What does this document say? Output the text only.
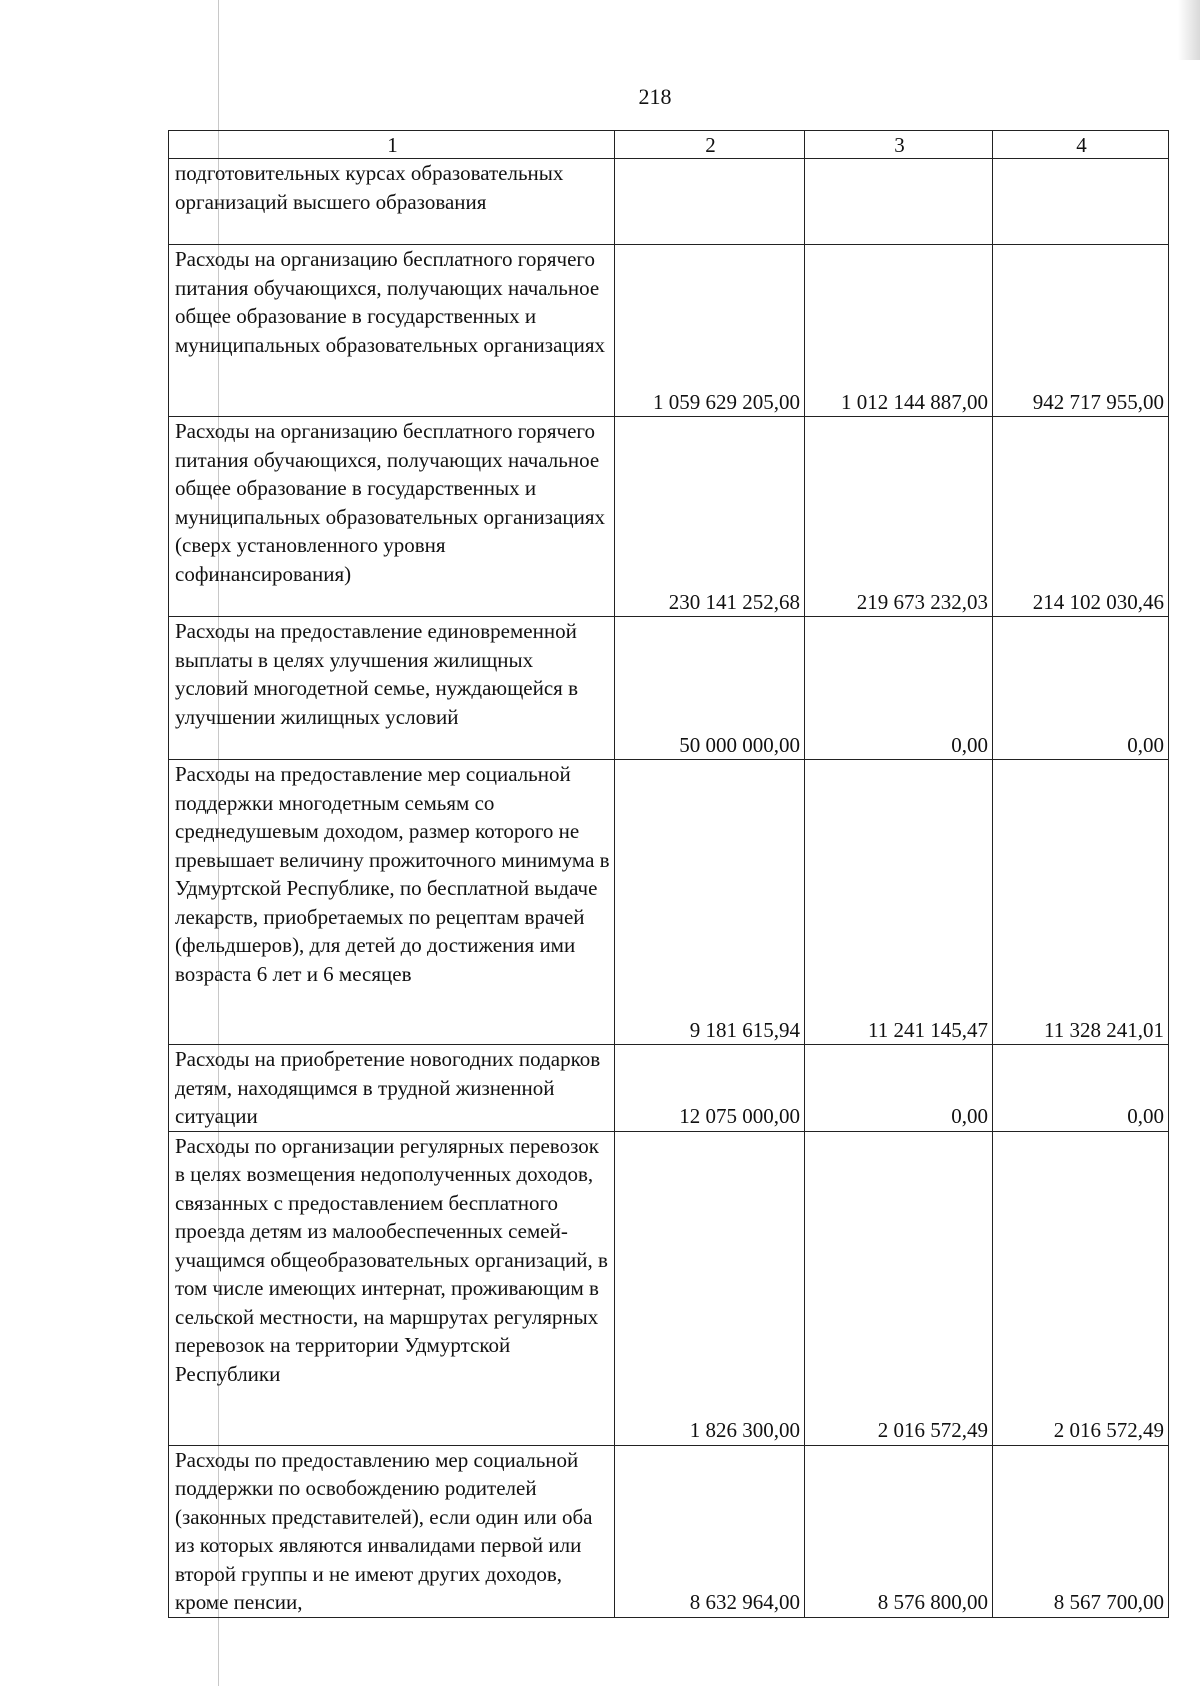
218
1	2	3	4
подготовительных курсах образовательных организаций высшего образования			
Расходы на организацию бесплатного горячего питания обучающихся, получающих начальное общее образование в государственных и муниципальных образовательных организациях	1 059 629 205,00	1 012 144 887,00	942 717 955,00
Расходы на организацию бесплатного горячего питания обучающихся, получающих начальное общее образование в государственных и муниципальных образовательных организациях (сверх установленного уровня софинансирования)	230 141 252,68	219 673 232,03	214 102 030,46
Расходы на предоставление единовременной выплаты в целях улучшения жилищных условий многодетной семье, нуждающейся в улучшении жилищных условий	50 000 000,00	0,00	0,00
Расходы на предоставление мер социальной поддержки многодетным семьям со среднедушевым доходом, размер которого не превышает величину прожиточного минимума в Удмуртской Республике, по бесплатной выдаче лекарств, приобретаемых по рецептам врачей (фельдшеров), для детей до достижения ими возраста 6 лет и 6 месяцев	9 181 615,94	11 241 145,47	11 328 241,01
Расходы на приобретение новогодних подарков детям, находящимся в трудной жизненной ситуации	12 075 000,00	0,00	0,00
Расходы по организации регулярных перевозок в целях возмещения недополученных доходов, связанных с предоставлением бесплатного проезда детям из малообеспеченных семей-учащимся общеобразовательных организаций, в том числе имеющих интернат, проживающим в сельской местности, на маршрутах регулярных перевозок на территории Удмуртской Республики	1 826 300,00	2 016 572,49	2 016 572,49
Расходы по предоставлению мер социальной поддержки по освобождению родителей (законных представителей), если один или оба из которых являются инвалидами первой или второй группы и не имеют других доходов, кроме пенсии,	8 632 964,00	8 576 800,00	8 567 700,00
